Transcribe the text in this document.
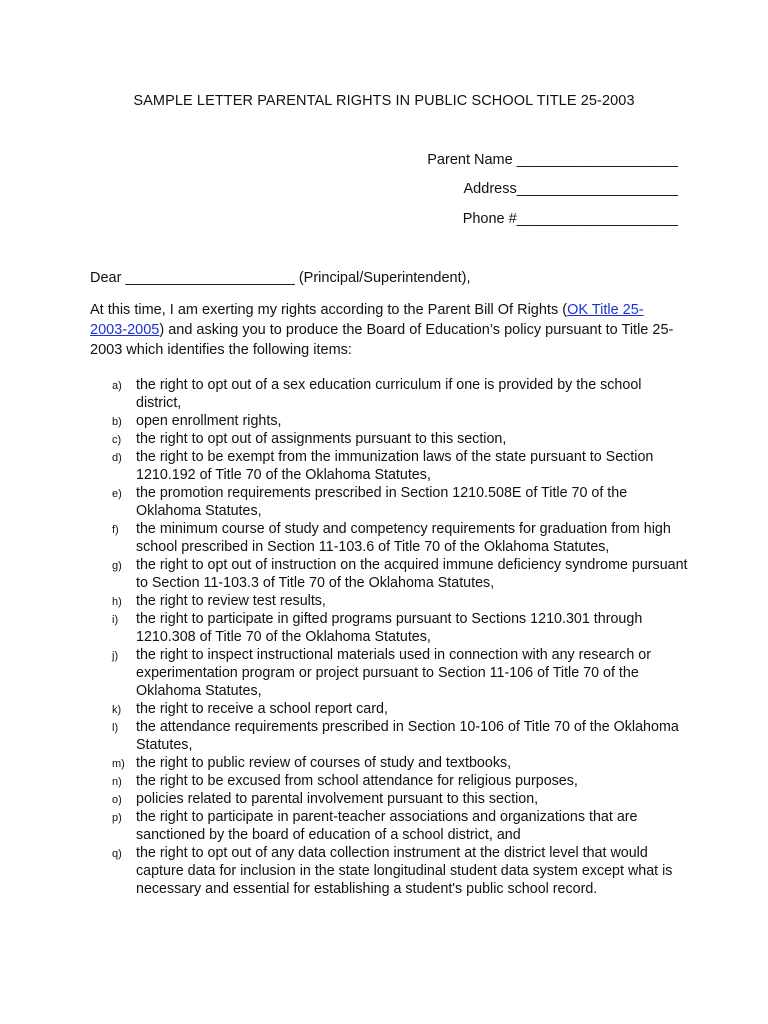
SAMPLE LETTER PARENTAL RIGHTS IN PUBLIC SCHOOL TITLE 25-2003
Parent Name ____________________
Address____________________
Phone #____________________
Dear _____________________ (Principal/Superintendent),
At this time, I am exerting my rights according to the Parent Bill Of Rights (OK Title 25-2003-2005) and asking you to produce the Board of Education’s policy pursuant to Title 25-2003 which identifies the following items:
a) the right to opt out of a sex education curriculum if one is provided by the school district,
b) open enrollment rights,
c) the right to opt out of assignments pursuant to this section,
d) the right to be exempt from the immunization laws of the state pursuant to Section 1210.192 of Title 70 of the Oklahoma Statutes,
e) the promotion requirements prescribed in Section 1210.508E of Title 70 of the Oklahoma Statutes,
f) the minimum course of study and competency requirements for graduation from high school prescribed in Section 11-103.6 of Title 70 of the Oklahoma Statutes,
g) the right to opt out of instruction on the acquired immune deficiency syndrome pursuant to Section 11-103.3 of Title 70 of the Oklahoma Statutes,
h) the right to review test results,
i) the right to participate in gifted programs pursuant to Sections 1210.301 through 1210.308 of Title 70 of the Oklahoma Statutes,
j) the right to inspect instructional materials used in connection with any research or experimentation program or project pursuant to Section 11-106 of Title 70 of the Oklahoma Statutes,
k) the right to receive a school report card,
l) the attendance requirements prescribed in Section 10-106 of Title 70 of the Oklahoma Statutes,
m) the right to public review of courses of study and textbooks,
n) the right to be excused from school attendance for religious purposes,
o) policies related to parental involvement pursuant to this section,
p) the right to participate in parent-teacher associations and organizations that are sanctioned by the board of education of a school district, and
q) the right to opt out of any data collection instrument at the district level that would capture data for inclusion in the state longitudinal student data system except what is necessary and essential for establishing a student's public school record.
